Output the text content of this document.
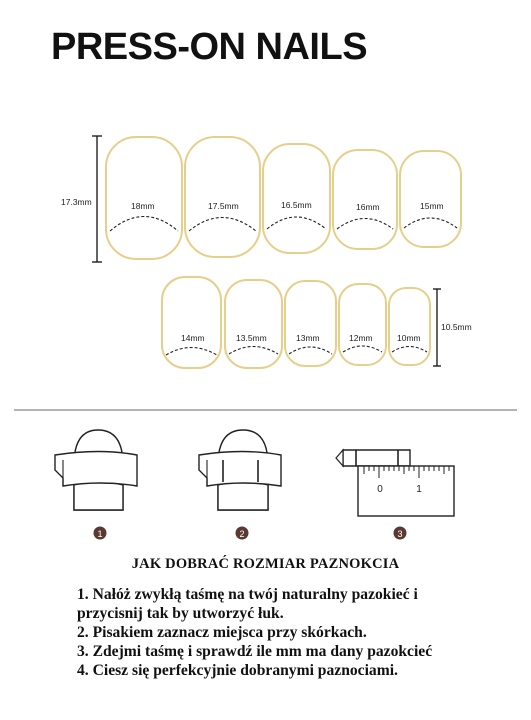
PRESS-ON NAILS
17.3mm	18mm	17.5mm	16.5mm	16mm	15mm
14mm	13.5mm	13mm	12mm	10mm
10.5mm
1	2
0	1
3
JAK DOBRAĆ ROZMIAR PAZNOKCIA
1. Nałóż zwykłą taśmę na twój naturalny pazokieć i
przycisnij tak by utworzyć łuk.
2. Pisakiem zaznacz miejsca przy skórkach.
3. Zdejmi taśmę i sprawdź ile mm ma dany pazokcieć
4. Ciesz się perfekcyjnie dobranymi paznociami.
